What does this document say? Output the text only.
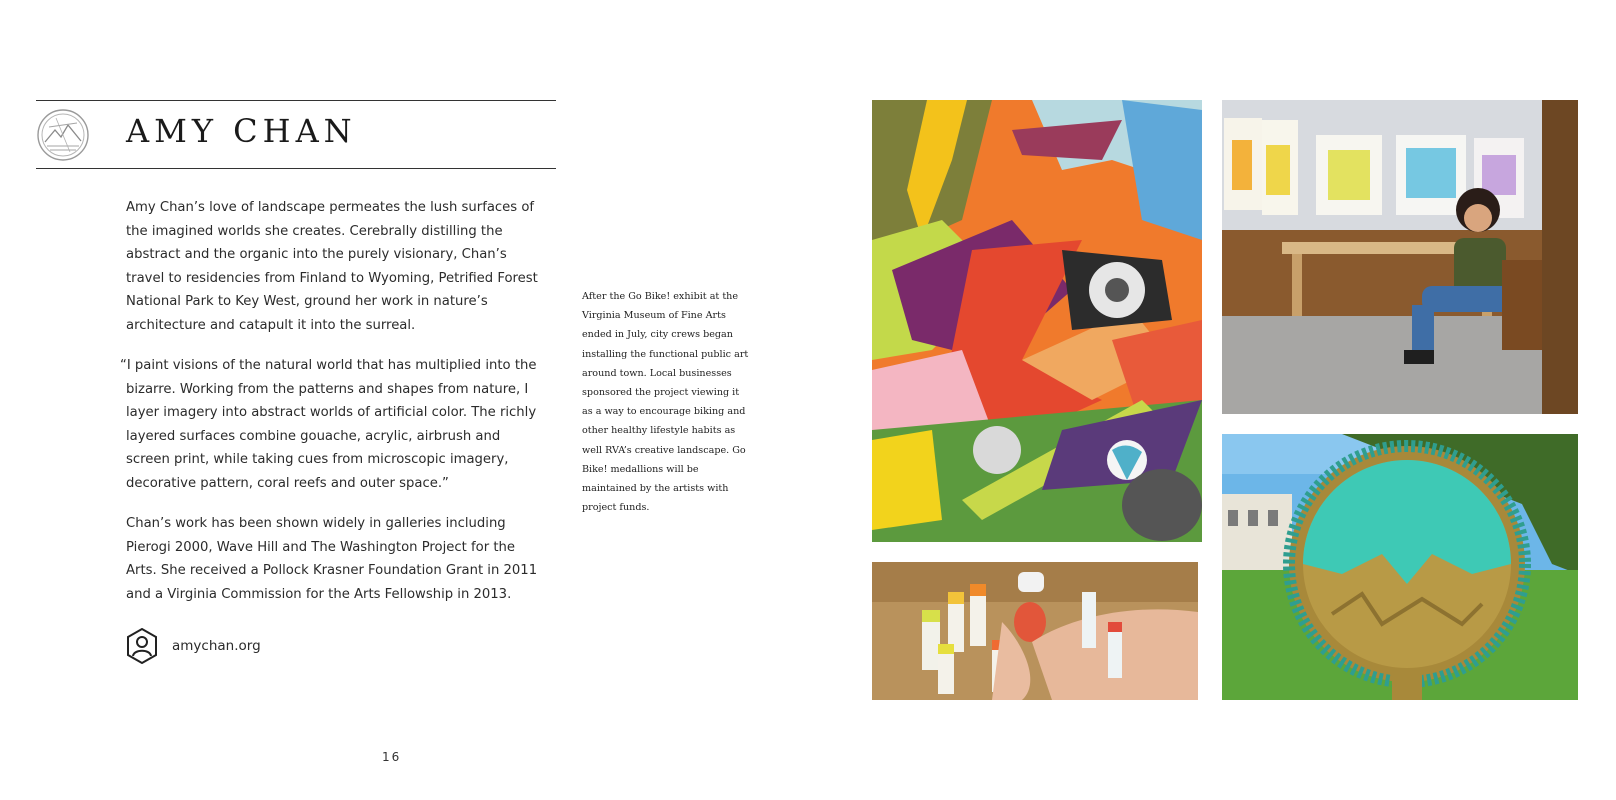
AMY CHAN

Amy Chan’s love of landscape permeates the lush surfaces of the imagined worlds she creates. Cerebrally distilling the abstract and the organic into the purely visionary, Chan’s travel to residencies from Finland to Wyoming, Petrified Forest National Park to Key West, ground her work in nature’s architecture and catapult it into the surreal.

“I paint visions of the natural world that has multiplied into the bizarre. Working from the patterns and shapes from nature, I layer imagery into abstract worlds of artificial color. The richly layered surfaces combine gouache, acrylic, airbrush and screen print, while taking cues from microscopic imagery, decorative pattern, coral reefs and outer space.”

Chan’s work has been shown widely in galleries including Pierogi 2000, Wave Hill and The Washington Project for the Arts. She received a Pollock Krasner Foundation Grant in 2011 and a Virginia Commission for the Arts Fellowship in 2013.

amychan.org
After the Go Bike! exhibit at the Virginia Museum of Fine Arts ended in July, city crews began installing the functional public art around town. Local businesses sponsored the project viewing it as a way to encourage biking and other healthy lifestyle habits as well RVA’s creative landscape. Go Bike! medallions will be maintained by the artists with project funds.
16
